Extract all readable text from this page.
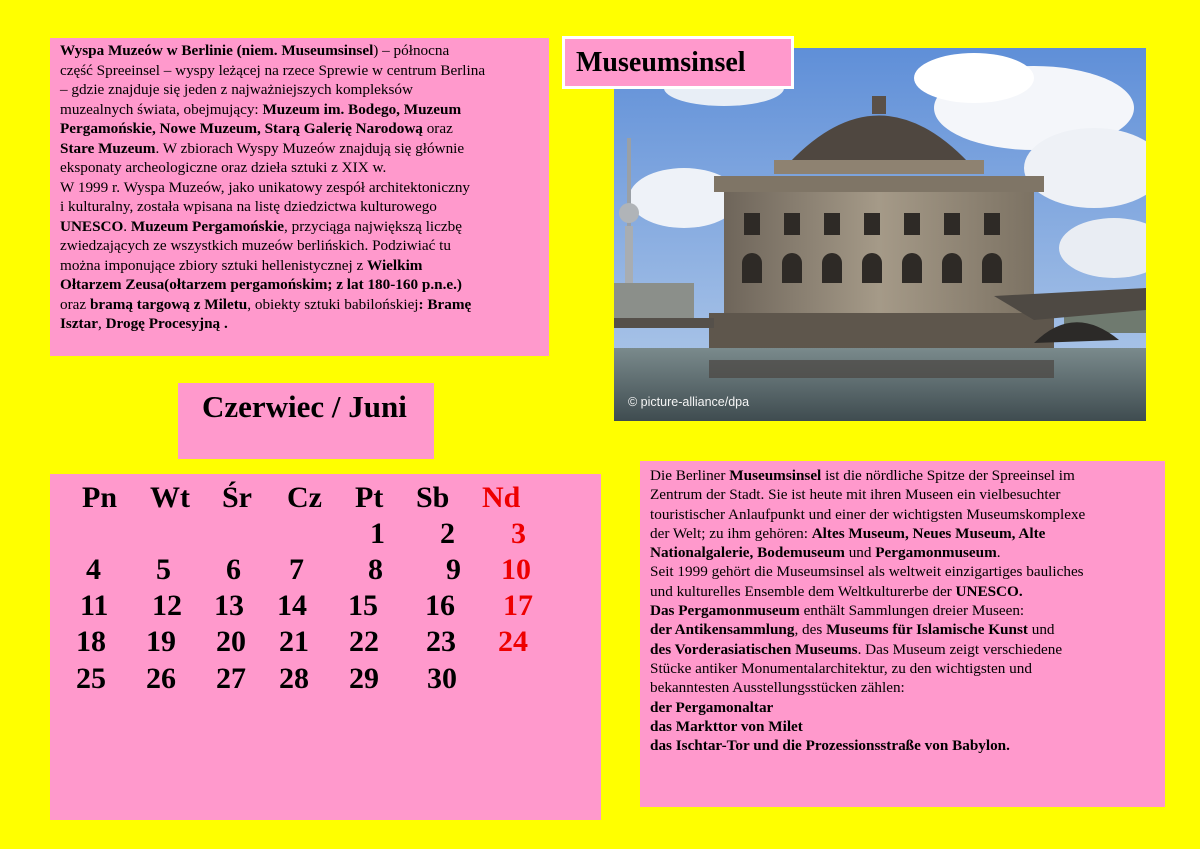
Wyspa Muzeów w Berlinie (niem. Museumsinsel) – północna

część Spreeinsel – wyspy leżącej na rzece Sprewie w centrum Berlina

– gdzie znajduje się jeden z najważniejszych kompleksów

muzealnych świata, obejmujący: Muzeum im. Bodego, Muzeum

Pergamońskie, Nowe Muzeum, Starą Galerię Narodową oraz

Stare Muzeum. W zbiorach Wyspy Muzeów znajdują się głównie

eksponaty archeologiczne oraz dzieła sztuki z XIX w.

W 1999 r. Wyspa Muzeów, jako unikatowy zespół architektoniczny

i kulturalny, została wpisana na listę dziedzictwa kulturowego

UNESCO. Muzeum Pergamońskie, przyciąga największą liczbę

zwiedzających ze wszystkich muzeów berlińskich. Podziwiać tu

można imponujące zbiory sztuki hellenistycznej z Wielkim

Ołtarzem Zeusa(ołtarzem pergamońskim; z lat 180-160 p.n.e.)

oraz bramą targową z Miletu, obiekty sztuki babilońskiej: Bramę

Isztar, Drogę Procesyjną .

© picture-alliance/dpa
Museumsinsel
Czerwiec / Juni
Pn Wt Śr Cz Pt Sb Nd
1 2 3
4 5 6 7 8 9 10
11 12 13 14 15 16 17
18 19 20 21 22 23 24
25 26 27 28 29 30

Die Berliner Museumsinsel ist die nördliche Spitze der Spreeinsel im

Zentrum der Stadt. Sie ist heute mit ihren Museen ein vielbesuchter

touristischer Anlaufpunkt und einer der wichtigsten Museumskomplexe

der Welt; zu ihm gehören: Altes Museum, Neues Museum, Alte

Nationalgalerie, Bodemuseum und Pergamonmuseum.

Seit 1999 gehört die Museumsinsel als weltweit einzigartiges bauliches

und kulturelles Ensemble dem Weltkulturerbe der UNESCO.

Das Pergamonmuseum enthält Sammlungen dreier Museen:

der Antikensammlung, des Museums für Islamische Kunst und

des Vorderasiatischen Museums. Das Museum zeigt verschiedene

Stücke antiker Monumentalarchitektur, zu den wichtigsten und

bekanntesten Ausstellungsstücken zählen:

der Pergamonaltar

das Markttor von Milet

das Ischtar-Tor und die Prozessionsstraße von Babylon.
